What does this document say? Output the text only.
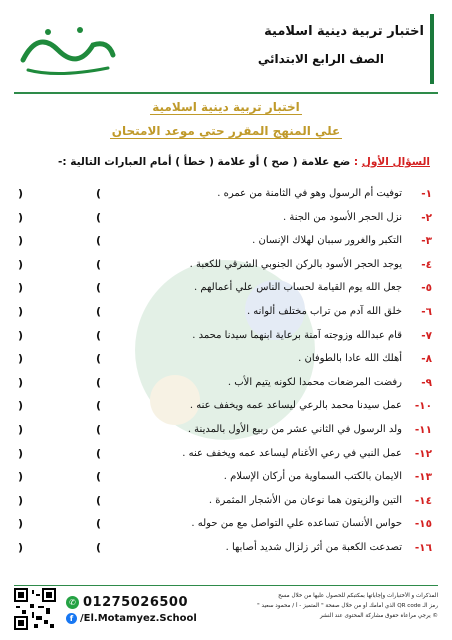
اختبار تربية دينية اسلامية
الصف الرابع الابتدائي
اختبار تربية دينية اسلامية
علي المنهج المقرر حتي موعد الامتحان
السؤال الأول : ضع علامة ( صح ) أو علامة ( خطأ ) أمام العبارات التالية :-
١-
توفيت أم الرسول وهو في الثامنة من عمره .
(
)
٢-
نزل الحجر الأسود من الجنة .
(
)
٣-
التكبر والغرور سببان لهلاك الإنسان .
(
)
٤-
يوجد الحجر الأسود بالركن الجنوبي الشرقي للكعبة .
(
)
٥-
جعل الله يوم القيامة لحساب الناس علي أعمالهم .
(
)
٦-
خلق الله آدم من تراب مختلف ألوانه .
(
)
٧-
قام عبدالله وزوجته آمنة برعاية ابنهما سيدنا محمد .
(
)
٨-
أهلك الله عادا بالطوفان .
(
)
٩-
رفضت المرضعات محمدا لكونه يتيم الأب .
(
)
١٠-
عمل سيدنا محمد بالرعي ليساعد عمه ويخفف عنه .
(
)
١١-
ولد الرسول في الثاني عشر من ربيع الأول بالمدينة .
(
)
١٢-
عمل النبي في رعي الأغنام ليساعد عمه ويخفف عنه .
(
)
١٣-
الايمان بالكتب السماوية من أركان الإسلام .
(
)
١٤-
التين والزيتون هما نوعان من الأشجار المثمرة .
(
)
١٥-
حواس الأنسان تساعده علي التواصل مع من حوله .
(
)
١٦-
تصدعت الكعبة من أثر زلزال شديد أصابها .
(
)
✆ 01275026500
f /El.Motamyez.School
المذكرات و الأختبارات وإجاباتها بمكتبكم للحصول عليها من خلال مسح
رمز الـ QR code الذي أمامك أو من خلال صفحة " المتميز - أ / محمود سعيد "
© يرجي مراعاة حقوق مشاركة المحتوى عند النشر
